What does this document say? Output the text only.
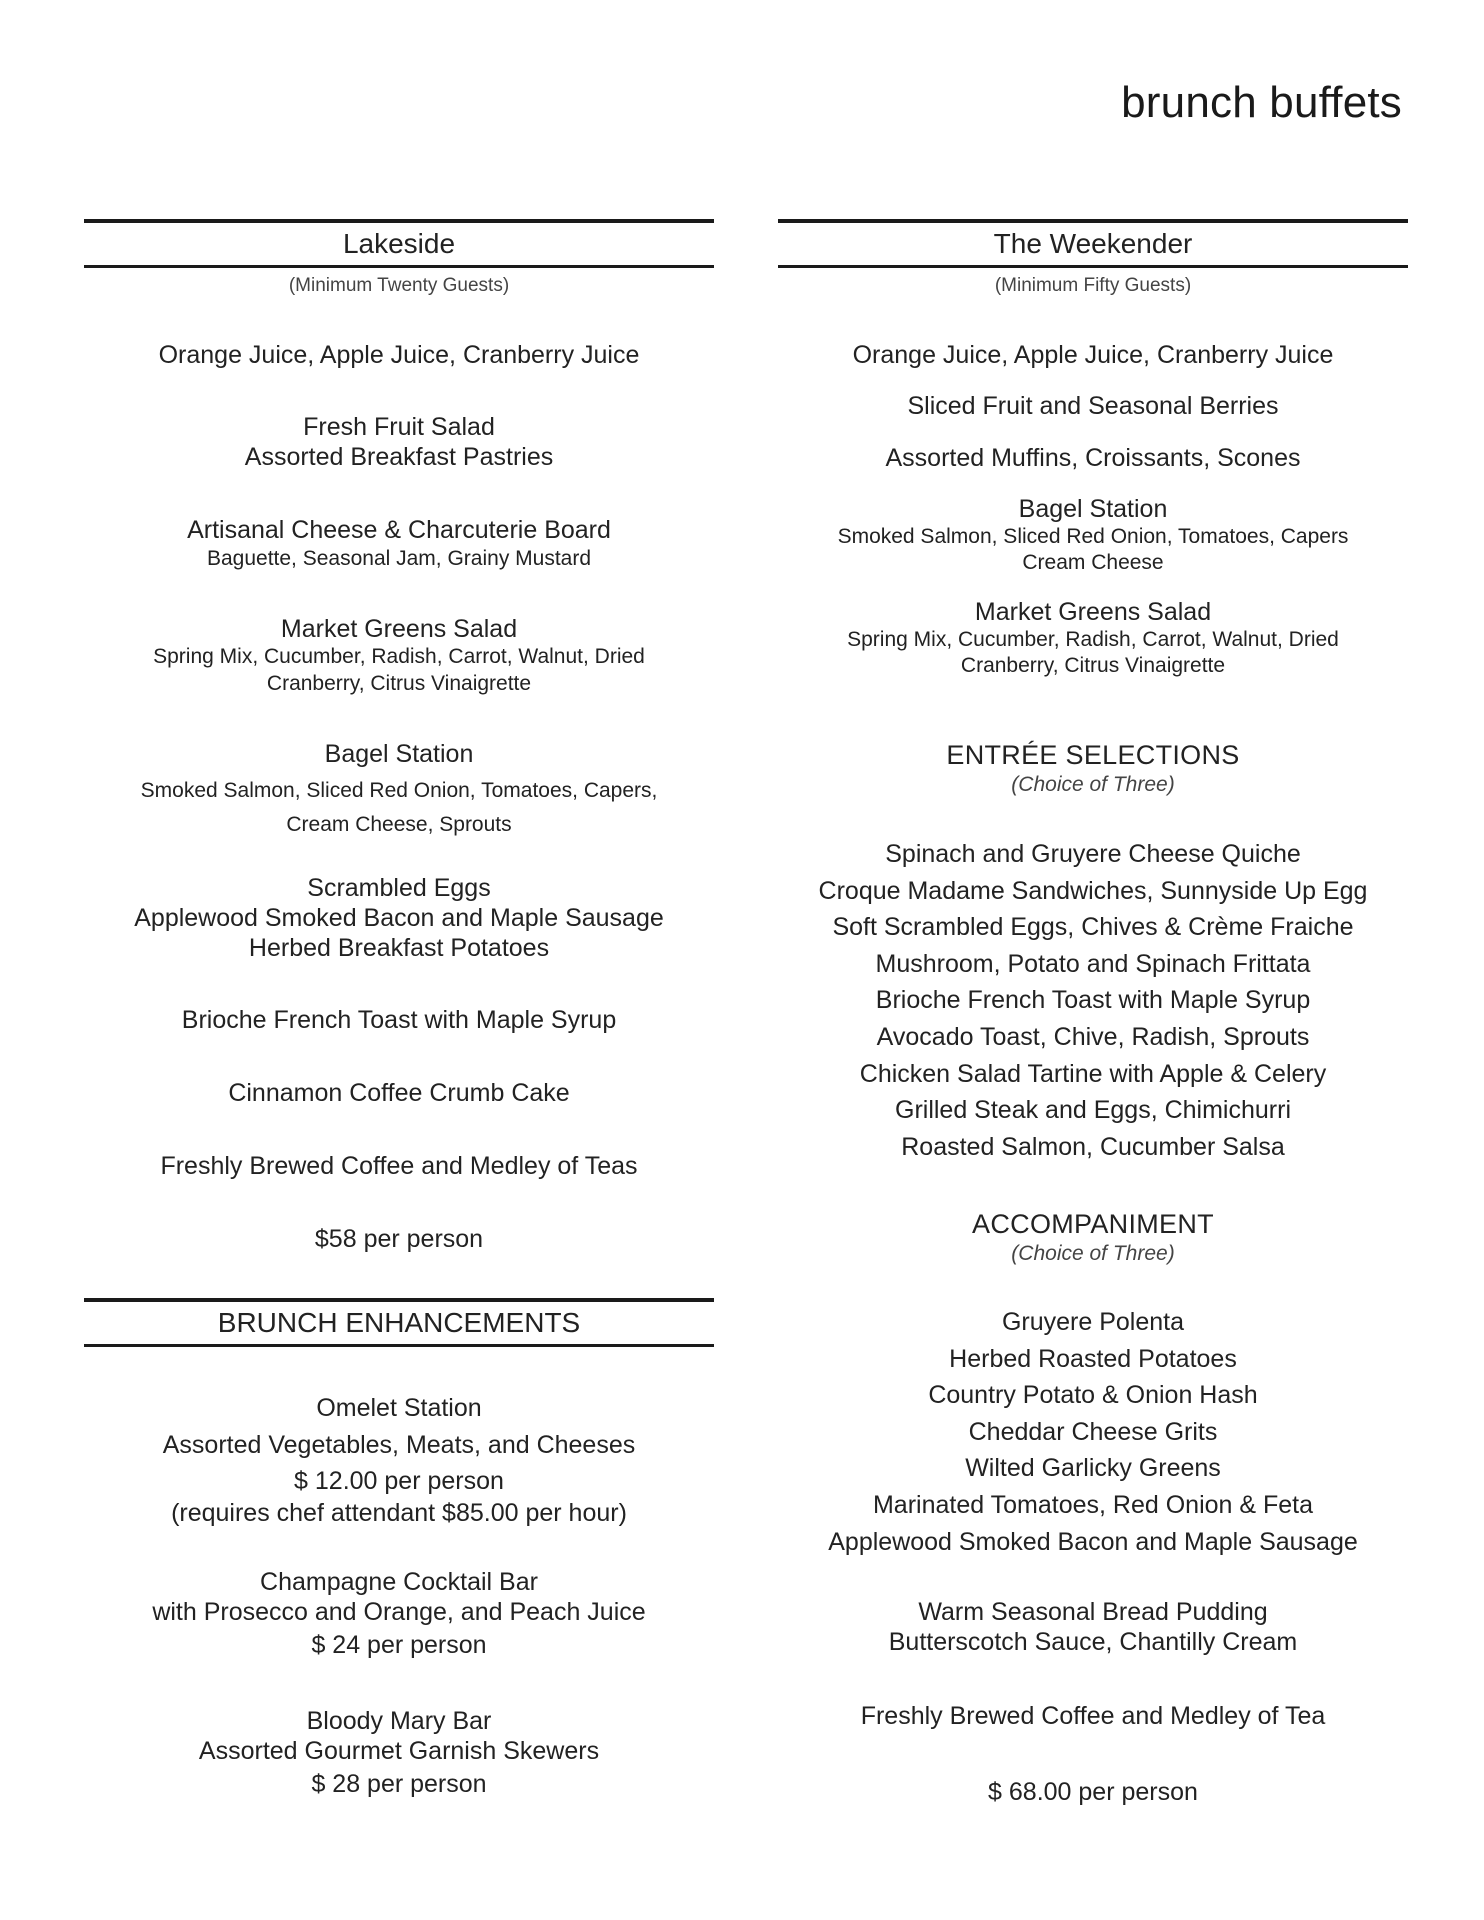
brunch buffets
Lakeside
(Minimum Twenty Guests)
Orange Juice, Apple Juice, Cranberry Juice
Fresh Fruit Salad
Assorted Breakfast Pastries
Artisanal Cheese & Charcuterie Board
Baguette, Seasonal Jam, Grainy Mustard
Market Greens Salad
Spring Mix, Cucumber, Radish, Carrot, Walnut, Dried
Cranberry, Citrus Vinaigrette
Bagel Station
Smoked Salmon, Sliced Red Onion, Tomatoes, Capers,
Cream Cheese, Sprouts
Scrambled Eggs
Applewood Smoked Bacon and Maple Sausage
Herbed Breakfast Potatoes
Brioche French Toast with Maple Syrup
Cinnamon Coffee Crumb Cake
Freshly Brewed Coffee and Medley of Teas
$58 per person
BRUNCH ENHANCEMENTS
Omelet Station
Assorted Vegetables, Meats, and Cheeses
$ 12.00 per person
(requires chef attendant $85.00 per hour)
Champagne Cocktail Bar
with Prosecco and Orange, and Peach Juice
$ 24 per person
Bloody Mary Bar
Assorted Gourmet Garnish Skewers
$ 28 per person
The Weekender
(Minimum Fifty Guests)
Orange Juice, Apple Juice, Cranberry Juice
Sliced Fruit and Seasonal Berries
Assorted Muffins, Croissants, Scones
Bagel Station
Smoked Salmon, Sliced Red Onion, Tomatoes, Capers
Cream Cheese
Market Greens Salad
Spring Mix, Cucumber, Radish, Carrot, Walnut, Dried
Cranberry, Citrus Vinaigrette
ENTRÉE SELECTIONS
(Choice of Three)
Spinach and Gruyere Cheese Quiche
Croque Madame Sandwiches, Sunnyside Up Egg
Soft Scrambled Eggs, Chives & Crème Fraiche
Mushroom, Potato and Spinach Frittata
Brioche French Toast with Maple Syrup
Avocado Toast, Chive, Radish, Sprouts
Chicken Salad Tartine with Apple & Celery
Grilled Steak and Eggs, Chimichurri
Roasted Salmon, Cucumber Salsa
ACCOMPANIMENT
(Choice of Three)
Gruyere Polenta
Herbed Roasted Potatoes
Country Potato & Onion Hash
Cheddar Cheese Grits
Wilted Garlicky Greens
Marinated Tomatoes, Red Onion & Feta
Applewood Smoked Bacon and Maple Sausage
Warm Seasonal Bread Pudding
Butterscotch Sauce, Chantilly Cream
Freshly Brewed Coffee and Medley of Tea
$ 68.00 per person
